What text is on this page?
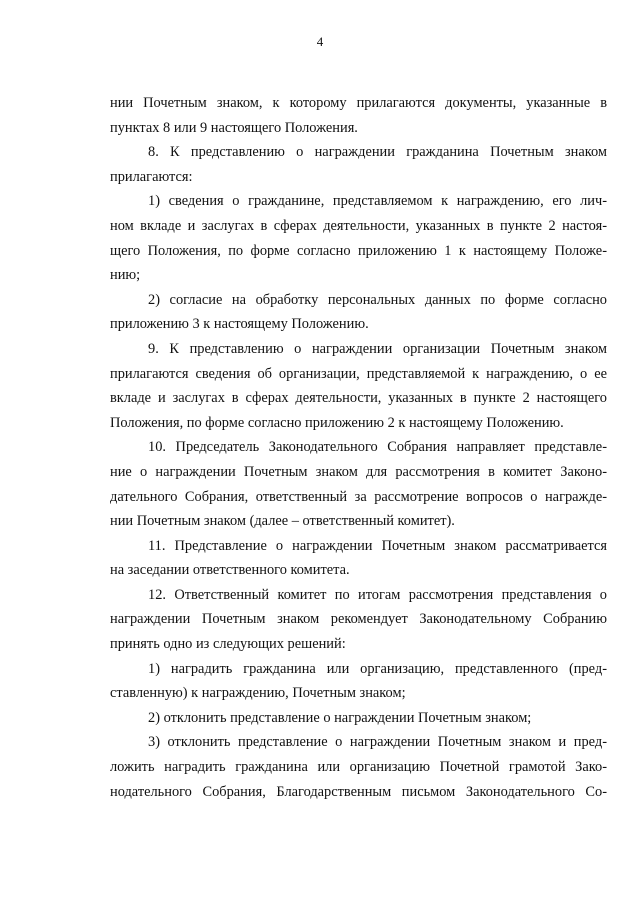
4
нии Почетным знаком, к которому прилагаются документы, указанные в
пунктах 8 или 9 настоящего Положения.
8. К представлению о награждении гражданина Почетным знаком
прилагаются:
1) сведения о гражданине, представляемом к награждению, его лич-
ном вкладе и заслугах в сферах деятельности, указанных в пункте 2 настоя-
щего Положения, по форме согласно приложению 1 к настоящему Положе-
нию;
2) согласие на обработку персональных данных по форме согласно
приложению 3 к настоящему Положению.
9. К представлению о награждении организации Почетным знаком
прилагаются сведения об организации, представляемой к награждению, о ее
вкладе и заслугах в сферах деятельности, указанных в пункте 2 настоящего
Положения, по форме согласно приложению 2 к настоящему Положению.
10. Председатель Законодательного Собрания направляет представле-
ние о награждении Почетным знаком для рассмотрения в комитет Законо-
дательного Собрания, ответственный за рассмотрение вопросов о награжде-
нии Почетным знаком (далее – ответственный комитет).
11. Представление о награждении Почетным знаком рассматривается
на заседании ответственного комитета.
12. Ответственный комитет по итогам рассмотрения представления о
награждении Почетным знаком рекомендует Законодательному Собранию
принять одно из следующих решений:
1) наградить гражданина или организацию, представленного (пред-
ставленную) к награждению, Почетным знаком;
2) отклонить представление о награждении Почетным знаком;
3) отклонить представление о награждении Почетным знаком и пред-
ложить наградить гражданина или организацию Почетной грамотой Зако-
нодательного Собрания, Благодарственным письмом Законодательного Со-
